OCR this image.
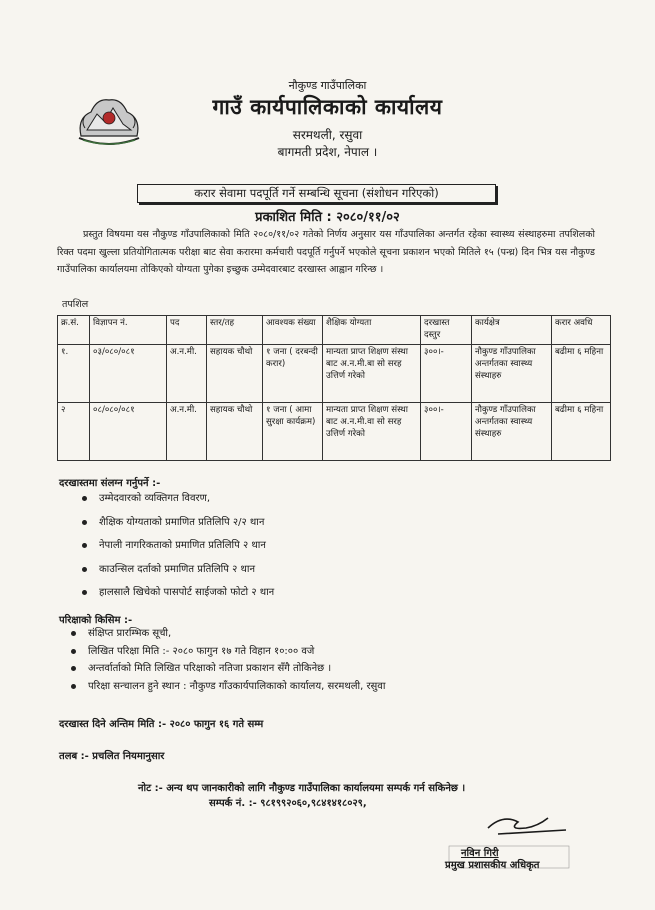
नौकुण्ड गाउँपालिका
गाउँ कार्यपालिकाको कार्यालय
सरमथली, रसुवा
बागमती प्रदेश, नेपाल ।
करार सेवामा पदपूर्ति गर्ने सम्बन्धि सूचना (संशोधन गरिएको)
प्रकाशित मिति : २०८०/११/०२
प्रस्तुत विषयमा यस नौकुण्ड गाँउपालिकाको मिति २०८०/११/०२ गतेको निर्णय अनुसार यस गाँउपालिका अन्तर्गत रहेका स्वास्थ्य संस्थाहरुमा तपशिलको रिक्त पदमा खुल्ला प्रतियोगितात्मक परीक्षा बाट सेवा करारमा कर्मचारी पदपूर्ति गर्नुपर्ने भएकोले सूचना प्रकाशन भएको मितिले १५ (पन्ध्र) दिन भित्र यस नौकुण्ड गाउँपालिका कार्यालयमा तोकिएको योग्यता पुगेका इच्छुक उम्मेदवारबाट दरखास्त आह्वान गरिन्छ ।
तपशिल
क्र.सं.	विज्ञापन नं.	पद	स्तर/तह	आवश्यक संख्या	शैक्षिक योग्यता	दरखास्त दस्तुर	कार्यक्षेत्र	करार अवधि
१.	०३/०८०/०८१	अ.न.मी.	सहायक चौथो	१ जना ( दरबन्दी करार)	मान्यता प्राप्त शिक्षण संस्था बाट अ.न.मी.बा सो सरह उत्तिर्ण गरेको	३००।-	नौकुण्ड गाँउपालिका अन्तर्गतका स्वास्थ्य संस्थाहरु	बढीमा ६ महिना
२	०८/०८०/०८१	अ.न.मी.	सहायक चौथो	१ जना ( आमा सुरक्षा कार्यक्रम)	मान्यता प्राप्त शिक्षण संस्था बाट अ.न.मी.वा सो सरह उत्तिर्ण गरेको	३००।-	नौकुण्ड गाँउपालिका अन्तर्गतका स्वास्थ्य संस्थाहरु	बढीमा ६ महिना
दरखास्तमा संलग्न गर्नुपर्ने :-
उम्मेदवारको व्यक्तिगत विवरण,
शैक्षिक योग्यताको प्रमाणित प्रतिलिपि २/२ थान
नेपाली नागरिकताको प्रमाणित प्रतिलिपि २ थान
काउन्सिल दर्ताको प्रमाणित प्रतिलिपि २ थान
हालसालै खिचेको पासपोर्ट साईजको फोटो २ थान
परिक्षाको किसिम :-
संक्षिप्त प्रारम्भिक सूची,
लिखित परिक्षा मिति :- २०८० फागुन १७ गते विहान १०:०० वजे
अन्तर्वार्ताको मिति लिखित परिक्षाको नतिजा प्रकाशन सँगै तोकिनेछ ।
परिक्षा सन्चालन हुने स्थान : नौकुण्ड गाँउकार्यपालिकाको कार्यालय, सरमथली, रसुवा
दरखास्त दिने अन्तिम मिति :- २०८० फागुन १६ गते सम्म
तलब :- प्रचलित नियमानुसार
नोट :- अन्य थप जानकारीको लागि नौकुण्ड गाउँपालिका कार्यालयमा सम्पर्क गर्न सकिनेछ ।
सम्पर्क नं. :- ९८१९९२०६०,९८४१४१८०२९,
नविन गिरी
प्रमुख प्रशासकीय अधिकृत
